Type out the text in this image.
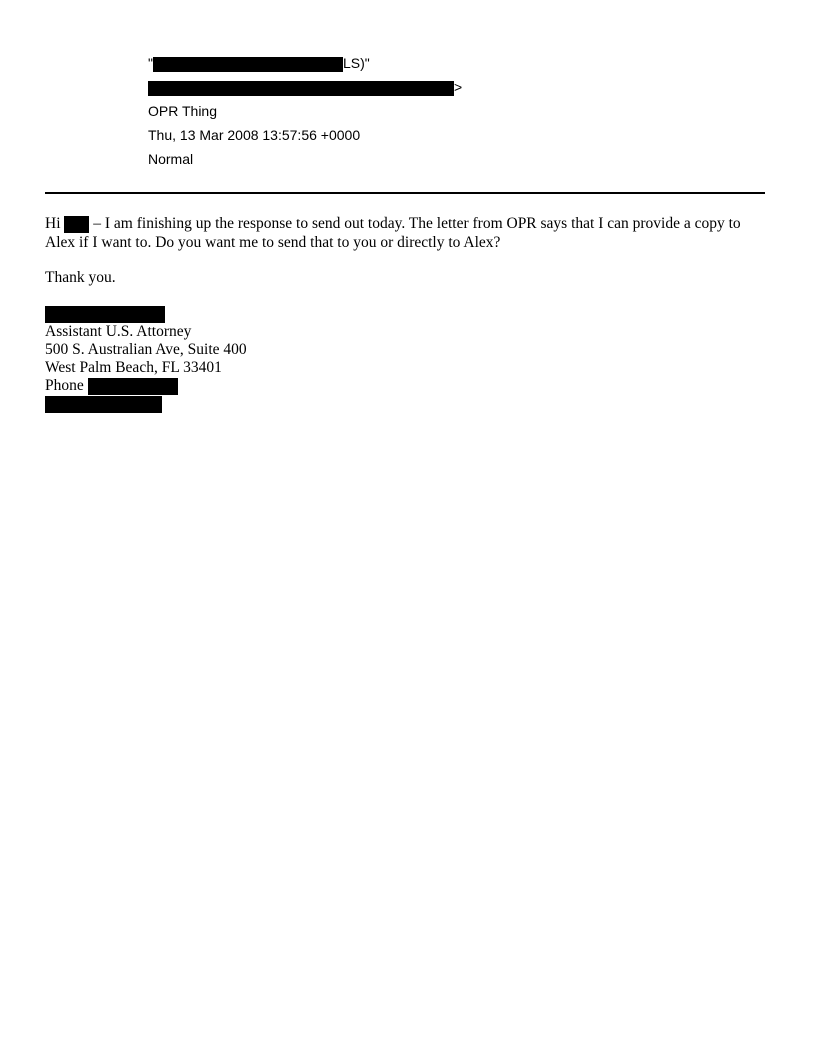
"	LS)"
>
OPR Thing
Thu, 13 Mar 2008 13:57:56 +0000
Normal
Hi  – I am finishing up the response to send out today. The letter from OPR says that I can provide a copy to
Alex if I want to. Do you want me to send that to you or directly to Alex?
Thank you.
Assistant U.S. Attorney
500 S. Australian Ave, Suite 400
West Palm Beach, FL 33401
Phone
